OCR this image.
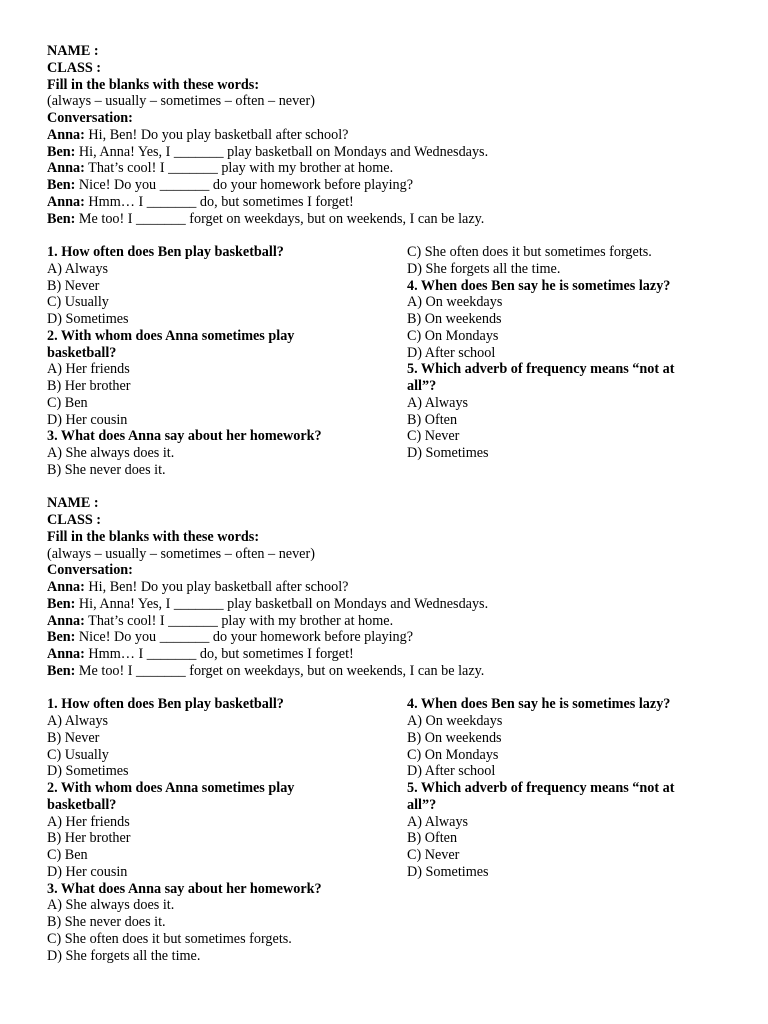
NAME :
CLASS :
Fill in the blanks with these words:
(always – usually – sometimes – often – never)
Conversation:
Anna: Hi, Ben! Do you play basketball after school?
Ben: Hi, Anna! Yes, I _______ play basketball on Mondays and Wednesdays.
Anna: That’s cool! I _______ play with my brother at home.
Ben: Nice! Do you _______ do your homework before playing?
Anna: Hmm… I _______ do, but sometimes I forget!
Ben: Me too! I _______ forget on weekdays, but on weekends, I can be lazy.
1. How often does Ben play basketball?
A) Always
B) Never
C) Usually
D) Sometimes
2. With whom does Anna sometimes play basketball?
A) Her friends
B) Her brother
C) Ben
D) Her cousin
3. What does Anna say about her homework?
A) She always does it.
B) She never does it.
C) She often does it but sometimes forgets.
D) She forgets all the time.
4. When does Ben say he is sometimes lazy?
A) On weekdays
B) On weekends
C) On Mondays
D) After school
5. Which adverb of frequency means “not at all”?
A) Always
B) Often
C) Never
D) Sometimes
NAME :
CLASS :
Fill in the blanks with these words:
(always – usually – sometimes – often – never)
Conversation:
Anna: Hi, Ben! Do you play basketball after school?
Ben: Hi, Anna! Yes, I _______ play basketball on Mondays and Wednesdays.
Anna: That’s cool! I _______ play with my brother at home.
Ben: Nice! Do you _______ do your homework before playing?
Anna: Hmm… I _______ do, but sometimes I forget!
Ben: Me too! I _______ forget on weekdays, but on weekends, I can be lazy.
1. How often does Ben play basketball?
A) Always
B) Never
C) Usually
D) Sometimes
2. With whom does Anna sometimes play basketball?
A) Her friends
B) Her brother
C) Ben
D) Her cousin
3. What does Anna say about her homework?
A) She always does it.
B) She never does it.
C) She often does it but sometimes forgets.
D) She forgets all the time.
4. When does Ben say he is sometimes lazy?
A) On weekdays
B) On weekends
C) On Mondays
D) After school
5. Which adverb of frequency means “not at all”?
A) Always
B) Often
C) Never
D) Sometimes
